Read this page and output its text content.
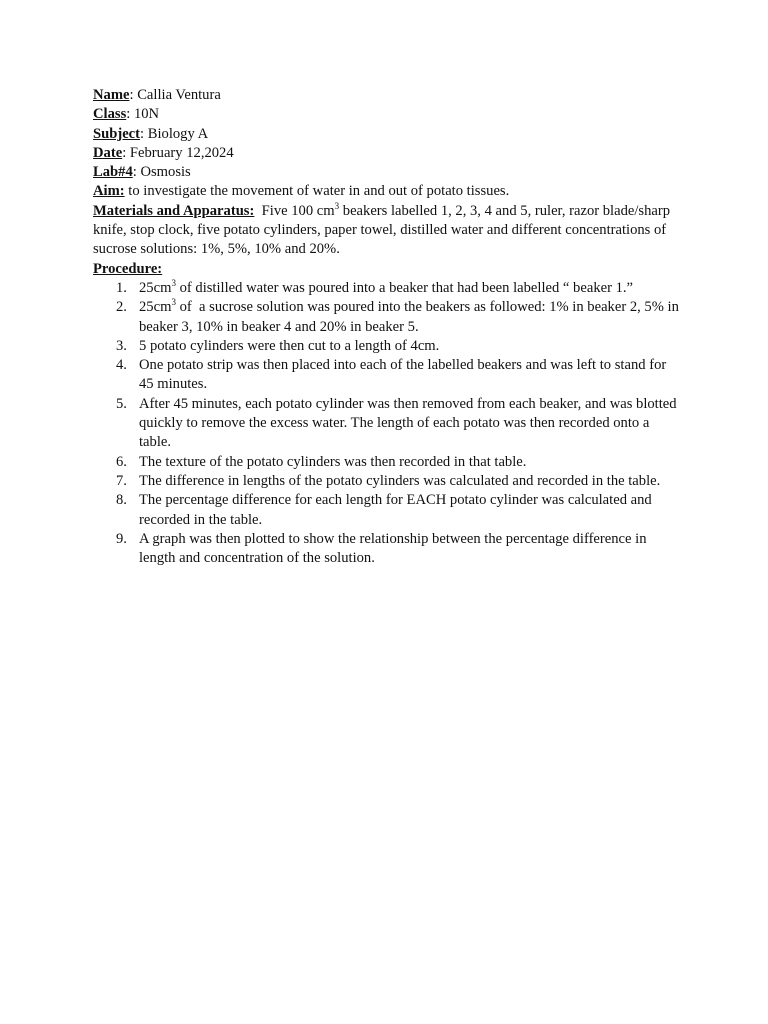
Name: Callia Ventura
Class: 10N
Subject: Biology A
Date: February 12,2024
Lab#4: Osmosis
Aim: to investigate the movement of water in and out of potato tissues.
Materials and Apparatus:  Five 100 $cm^3$ beakers labelled 1, 2, 3, 4 and 5, ruler, razor blade/sharp knife, stop clock, five potato cylinders, paper towel, distilled water and different concentrations of sucrose solutions: 1%, 5%, 10% and 20%.
Procedure:
1. $25cm^3$ of distilled water was poured into a beaker that had been labelled “ beaker 1.”
2. $25cm^3$ of  a sucrose solution was poured into the beakers as followed: 1% in beaker 2, 5% in beaker 3, 10% in beaker 4 and 20% in beaker 5.
3. 5 potato cylinders were then cut to a length of 4cm.
4. One potato strip was then placed into each of the labelled beakers and was left to stand for 45 minutes.
5. After 45 minutes, each potato cylinder was then removed from each beaker, and was blotted quickly to remove the excess water. The length of each potato was then recorded onto a table.
6. The texture of the potato cylinders was then recorded in that table.
7. The difference in lengths of the potato cylinders was calculated and recorded in the table.
8. The percentage difference for each length for EACH potato cylinder was calculated and recorded in the table.
9. A graph was then plotted to show the relationship between the percentage difference in length and concentration of the solution.
